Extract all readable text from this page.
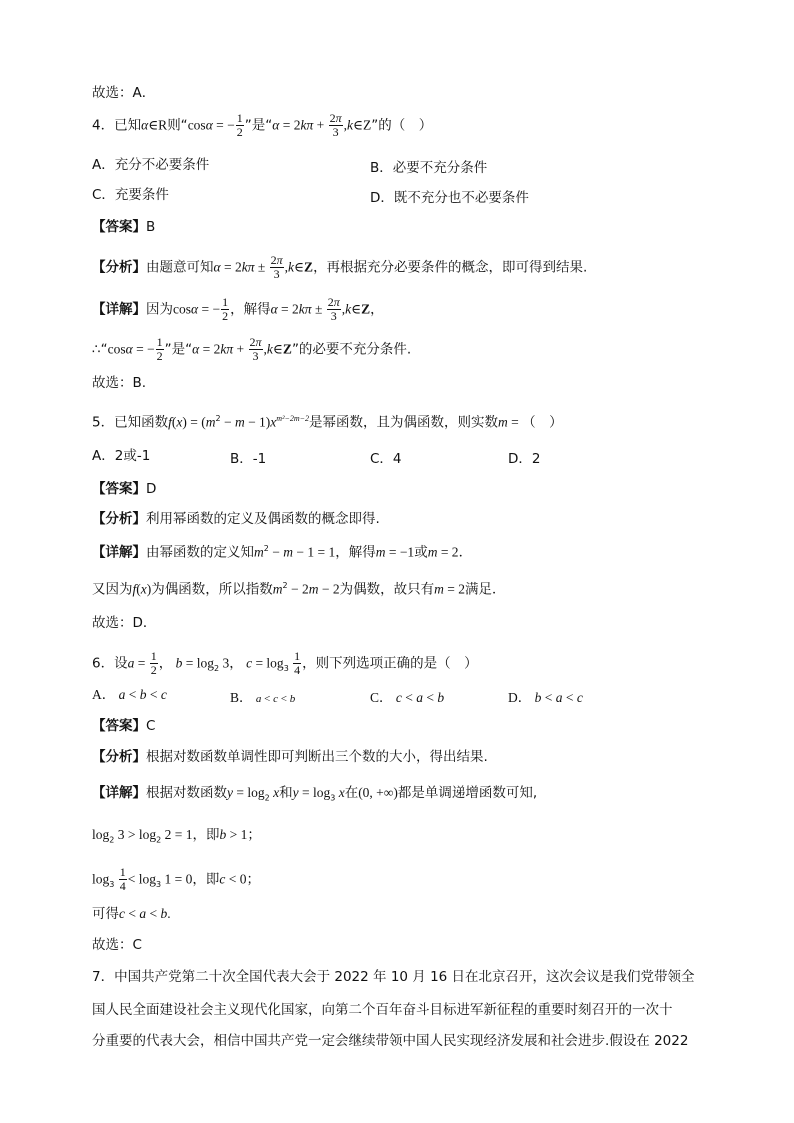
故选：A．
4．已知α∈R则“cosα = − $\frac{1}{2}$ ”是“$\alpha = 2k\pi + \frac{2\pi}{3}$ ,k∈Z”的（　）
A．充分不必要条件	B．必要不充分条件
C．充要条件	D．既不充分也不必要条件
【答案】B
【分析】由题意可知$\alpha = 2k\pi \pm \frac{2\pi}{3}$ ,k∈Z，再根据充分必要条件的概念，即可得到结果.
【详解】因为cosα = − $\frac{1}{2}$ ，解得$\alpha = 2k\pi \pm \frac{2\pi}{3}$ ,k∈Z，
∴“cosα = − $\frac{1}{2}$ ”是“$\alpha = 2k\pi + \frac{2\pi}{3}$ ,k∈Z”的必要不充分条件.
故选：B.
5．已知函数$f(x) = (m^2 - m - 1)x^{m^2-2m-2}$是幂函数，且为偶函数，则实数m = （　）
A．2或-1	B．-1	C．4	D．2
【答案】D
【分析】利用幂函数的定义及偶函数的概念即得.
【详解】由幂函数的定义知$m^2 - m - 1 = 1$，解得m = −1或m = 2．
又因为f(x)为偶函数，所以指数$m^2 - 2m - 2$为偶数，故只有m = 2满足．
故选：D．
6．设$a = \frac{1}{2}$ ， $b = \log_2 3$， $c = \log_3 \frac{1}{4}$ ，则下列选项正确的是（　）
A． a < b < c	B． a < c < b	C． c < a < b	D． b < a < c
【答案】C
【分析】根据对数函数单调性即可判断出三个数的大小，得出结果.
【详解】根据对数函数$y = \log_2 x$和$y = \log_3 x$在(0, +∞)都是单调递增函数可知,
$\log_2 3 > \log_2 2 = 1$，即b > 1；
$\log_3 \frac{1}{4} < \log_3 1 = 0$，即c < 0；
可得c < a < b.
故选：C
7．中国共产党第二十次全国代表大会于 2022 年 10 月 16 日在北京召开，这次会议是我们党带领全
国人民全面建设社会主义现代化国家，向第二个百年奋斗目标进军新征程的重要时刻召开的一次十
分重要的代表大会，相信中国共产党一定会继续带领中国人民实现经济发展和社会进步.假设在 2022
